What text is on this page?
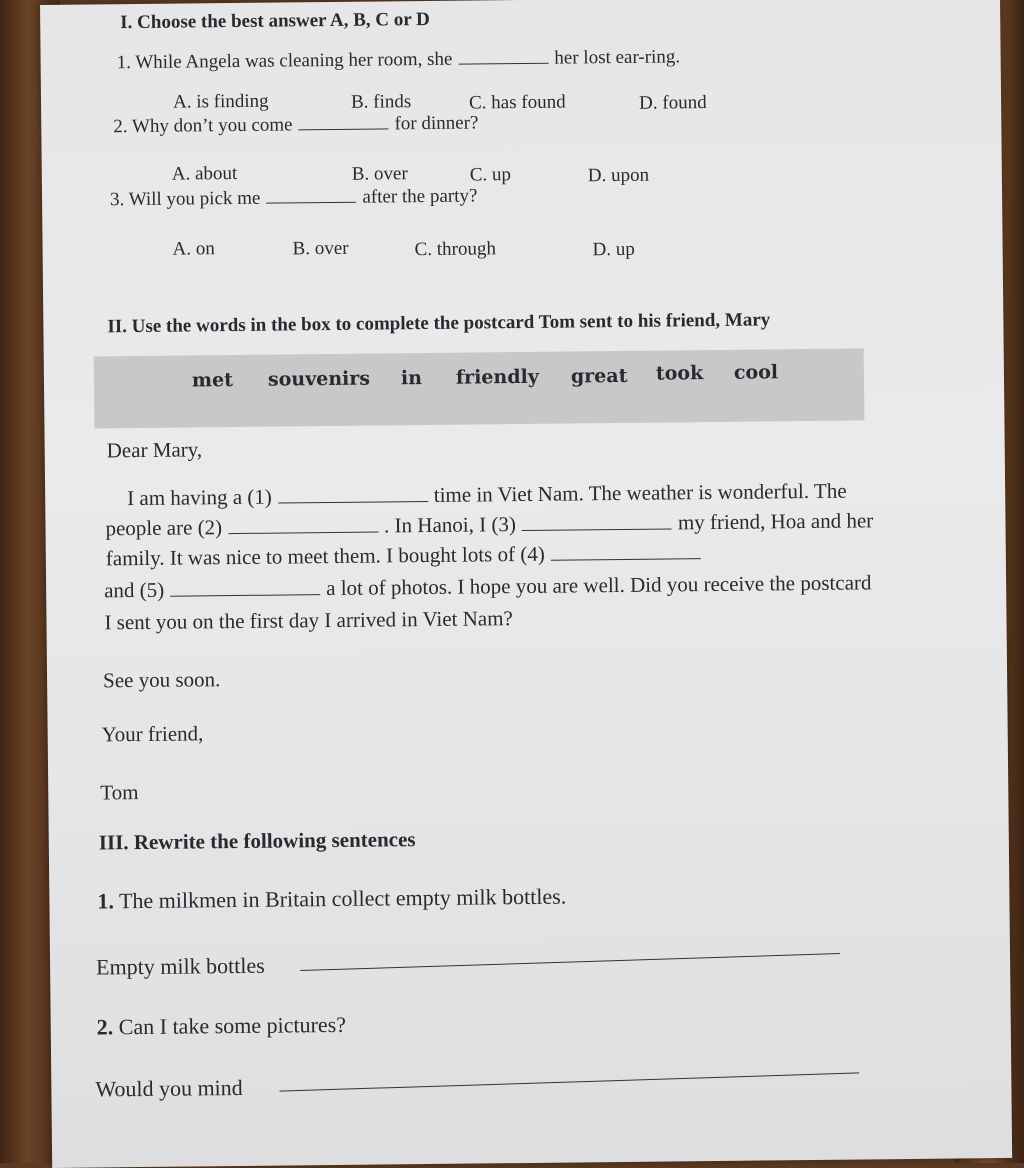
I. Choose the best answer A, B, C or D
1. While Angela was cleaning her room, she	her lost ear-ring.
A. is finding	B. finds	C. has found	D. found
2. Why don’t you come	for dinner?
A. about	B. over	C. up	D. upon
3. Will you pick me	after the party?
A. on	B. over	C. through	D. up
II. Use the words in the box to complete the postcard Tom sent to his friend, Mary
met souvenirs in friendly great took cool
Dear Mary,
I am having a (1)	time in Viet Nam. The weather is wonderful. The
people are (2)	. In Hanoi, I (3)	my friend, Hoa and her
family. It was nice to meet them. I bought lots of (4)
and (5)	a lot of photos. I hope you are well. Did you receive the postcard
I sent you on the first day I arrived in Viet Nam?
See you soon.
Your friend,
Tom
III. Rewrite the following sentences
1. The milkmen in Britain collect empty milk bottles.
Empty milk bottles
2. Can I take some pictures?
Would you mind
